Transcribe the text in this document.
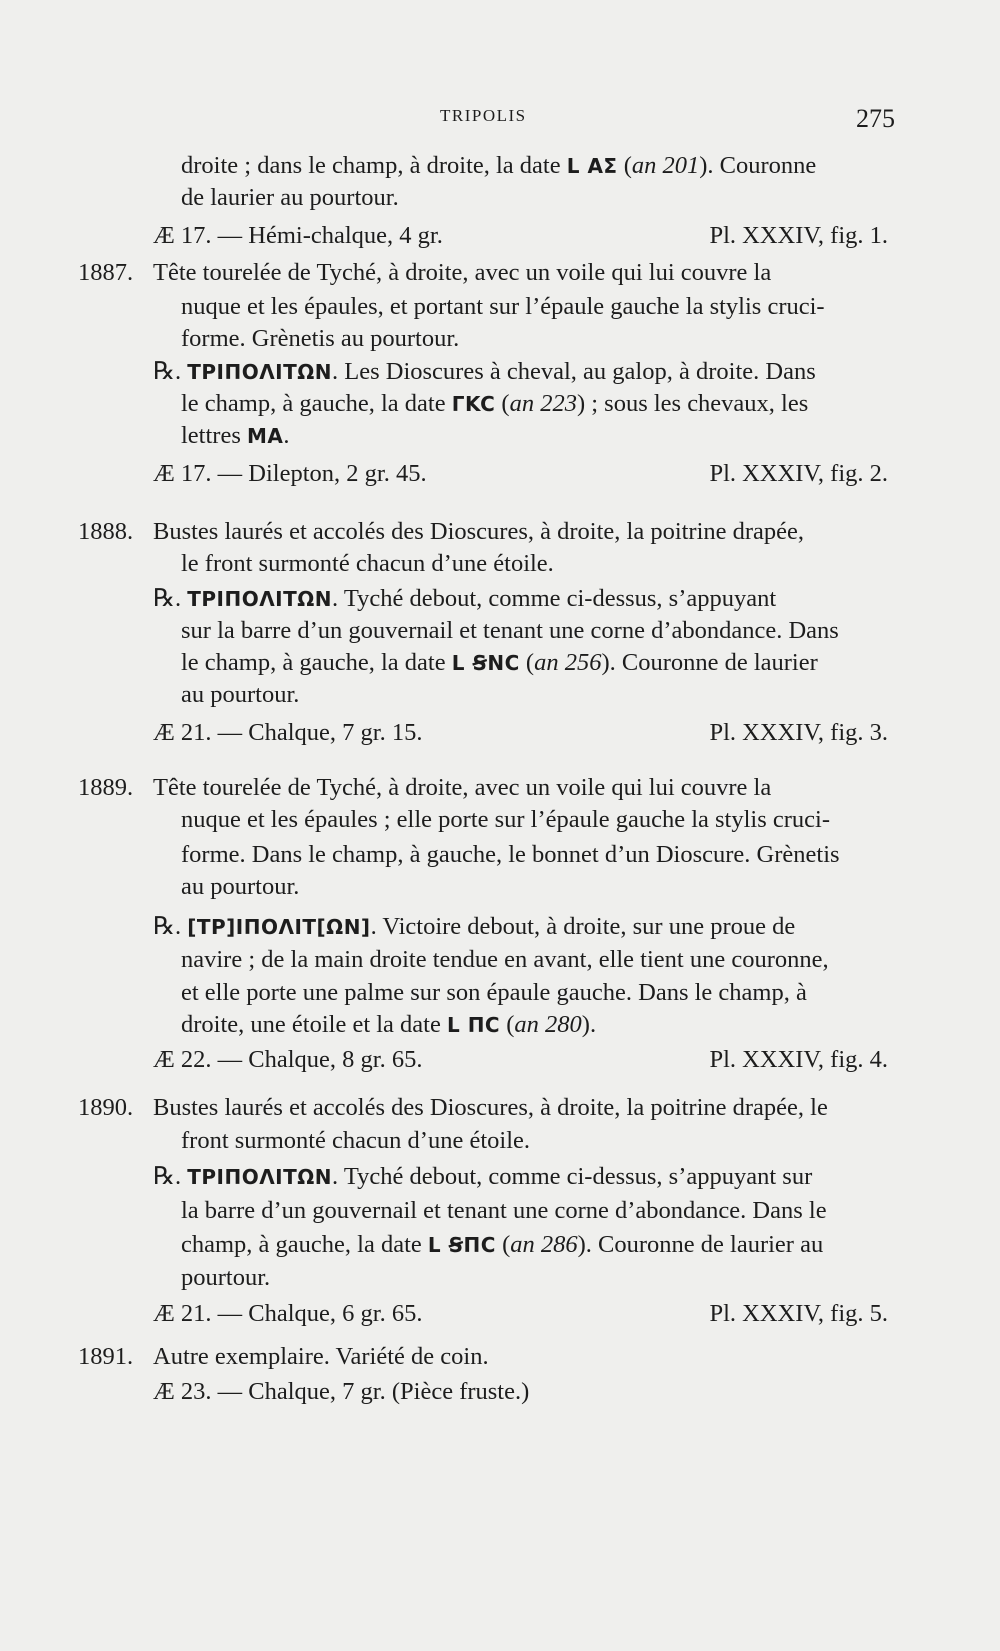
TRIPOLIS	275
droite ; dans le champ, à droite, la date L AΣ (an 201). Couronne
de laurier au pourtour.
Æ 17. — Hémi-chalque, 4 gr.	Pl. XXXIV, fig. 1.
1887. Tête tourelée de Tyché, à droite, avec un voile qui lui couvre la
nuque et les épaules, et portant sur l’épaule gauche la stylis cruci-
forme. Grènetis au pourtour.
℞. TPIΠOΛITΩN. Les Dioscures à cheval, au galop, à droite. Dans
le champ, à gauche, la date ΓKC (an 223) ; sous les chevaux, les
lettres MA.
Æ 17. — Dilepton, 2 gr. 45.	Pl. XXXIV, fig. 2.
1888. Bustes laurés et accolés des Dioscures, à droite, la poitrine drapée,
le front surmonté chacun d’une étoile.
℞. TPIΠOΛITΩN. Tyché debout, comme ci-dessus, s’appuyant
sur la barre d’un gouvernail et tenant une corne d’abondance. Dans
le champ, à gauche, la date L ꞨNC (an 256). Couronne de laurier
au pourtour.
Æ 21. — Chalque, 7 gr. 15.	Pl. XXXIV, fig. 3.
1889. Tête tourelée de Tyché, à droite, avec un voile qui lui couvre la
nuque et les épaules ; elle porte sur l’épaule gauche la stylis cruci-
forme. Dans le champ, à gauche, le bonnet d’un Dioscure. Grènetis
au pourtour.
℞. [TP]IΠOΛIT[ΩN]. Victoire debout, à droite, sur une proue de
navire ; de la main droite tendue en avant, elle tient une couronne,
et elle porte une palme sur son épaule gauche. Dans le champ, à
droite, une étoile et la date L ΠC (an 280).
Æ 22. — Chalque, 8 gr. 65.	Pl. XXXIV, fig. 4.
1890. Bustes laurés et accolés des Dioscures, à droite, la poitrine drapée, le
front surmonté chacun d’une étoile.
℞. TPIΠOΛITΩN. Tyché debout, comme ci-dessus, s’appuyant sur
la barre d’un gouvernail et tenant une corne d’abondance. Dans le
champ, à gauche, la date L ꞨΠC (an 286). Couronne de laurier au
pourtour.
Æ 21. — Chalque, 6 gr. 65.	Pl. XXXIV, fig. 5.
1891. Autre exemplaire. Variété de coin.
Æ 23. — Chalque, 7 gr. (Pièce fruste.)
